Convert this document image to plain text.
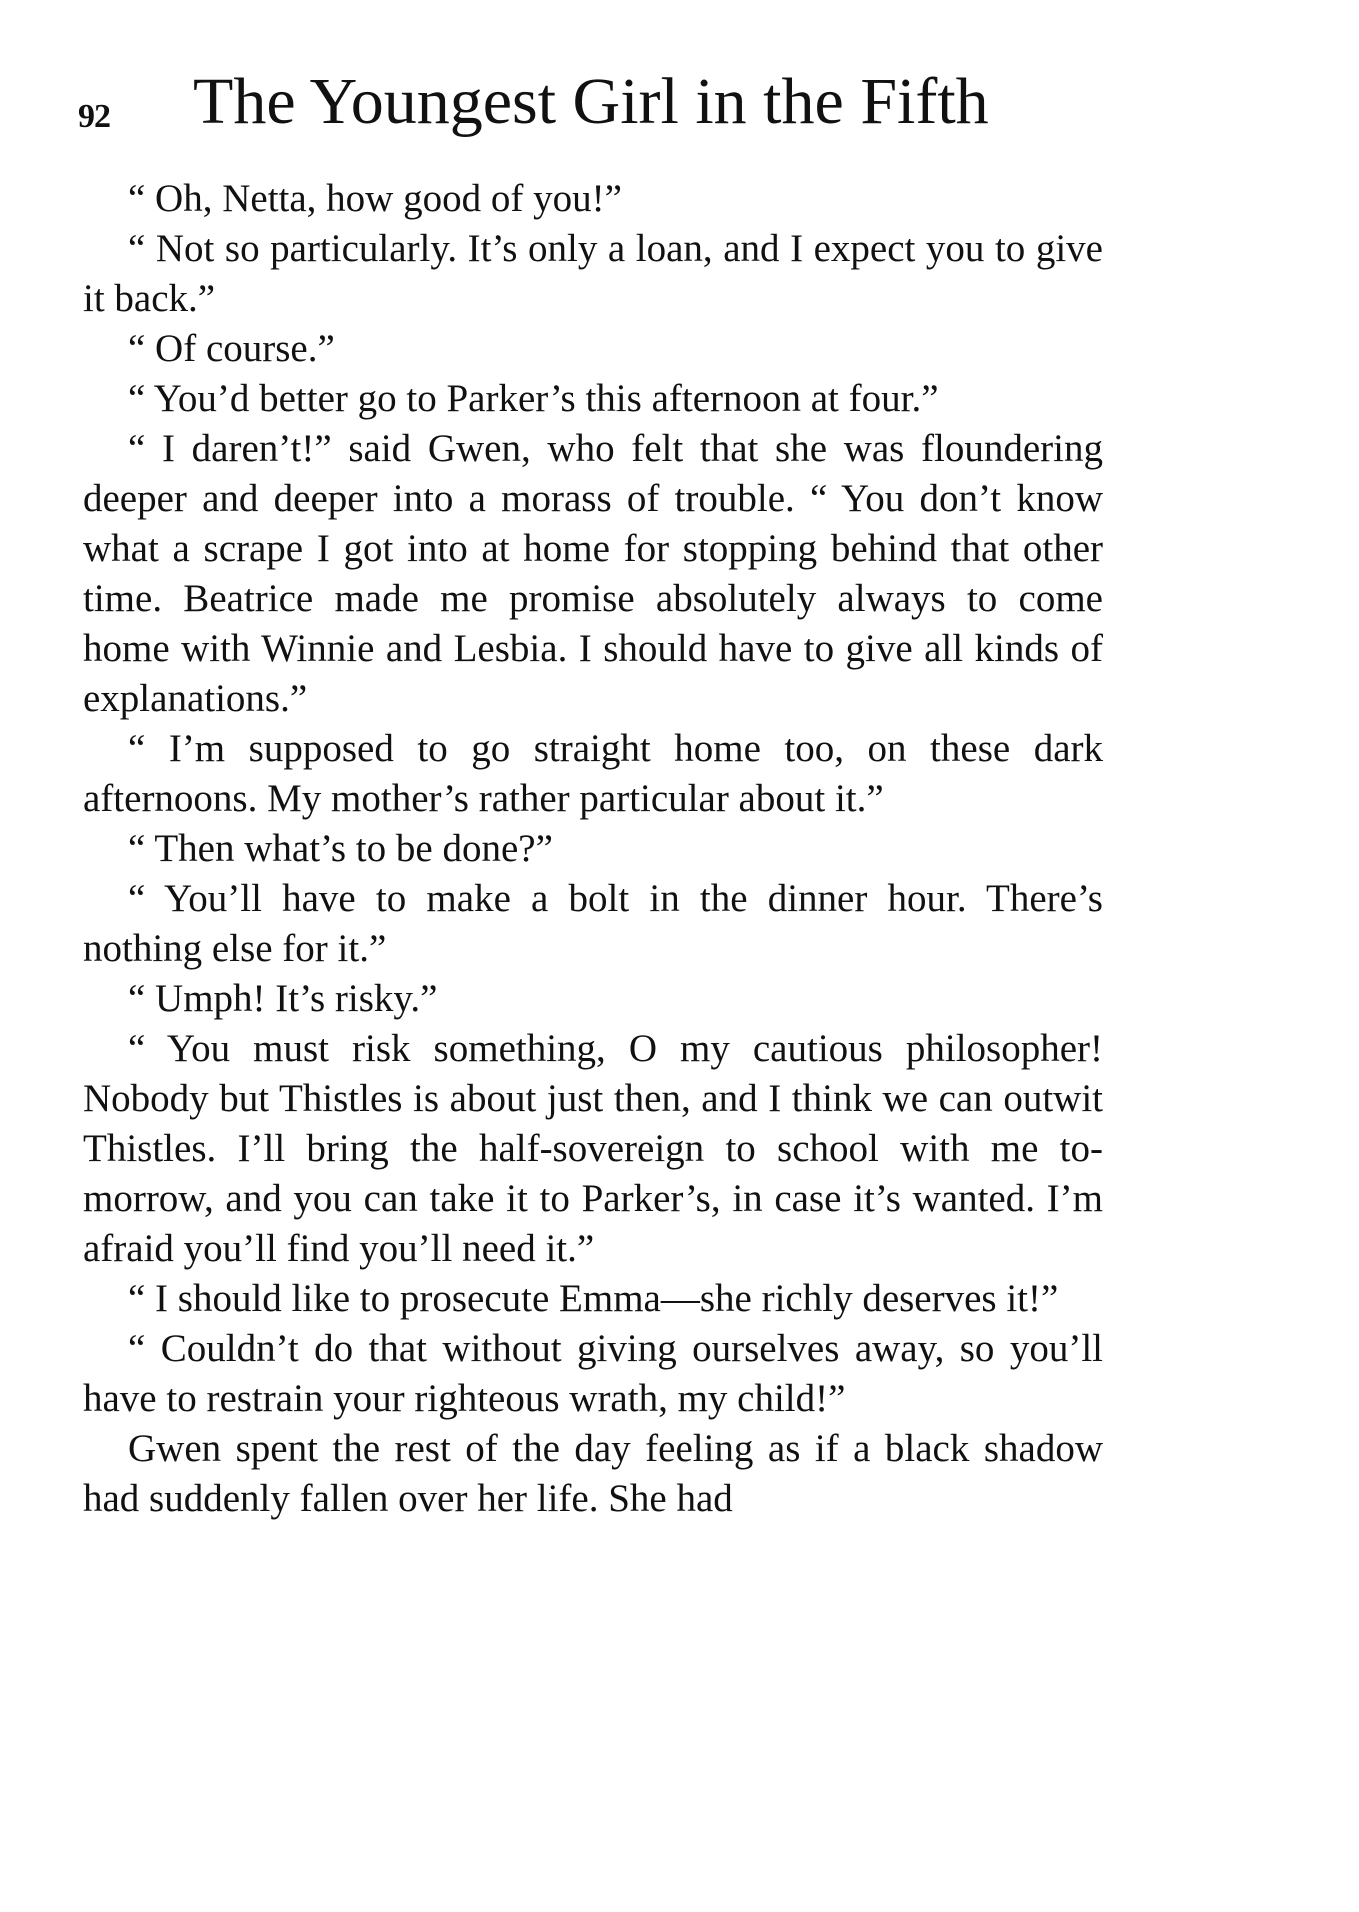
92 The Youngest Girl in the Fifth

“ Oh, Netta, how good of you!”

“ Not so particularly. It’s only a loan, and I expect you to give it back.”

“ Of course.”

“ You’d better go to Parker’s this afternoon at four.”

“ I daren’t!” said Gwen, who felt that she was floundering deeper and deeper into a morass of trouble. “ You don’t know what a scrape I got into at home for stopping behind that other time. Beatrice made me promise absolutely always to come home with Winnie and Lesbia. I should have to give all kinds of explanations.”

“ I’m supposed to go straight home too, on these dark afternoons. My mother’s rather particular about it.”

“ Then what’s to be done?”

“ You’ll have to make a bolt in the dinner hour. There’s nothing else for it.”

“ Umph! It’s risky.”

“ You must risk something, O my cautious philosopher! Nobody but Thistles is about just then, and I think we can outwit Thistles. I’ll bring the half-sovereign to school with me to-morrow, and you can take it to Parker’s, in case it’s wanted. I’m afraid you’ll find you’ll need it.”

“ I should like to prosecute Emma—she richly deserves it!”

“ Couldn’t do that without giving ourselves away, so you’ll have to restrain your righteous wrath, my child!”

Gwen spent the rest of the day feeling as if a black shadow had suddenly fallen over her life. She had
